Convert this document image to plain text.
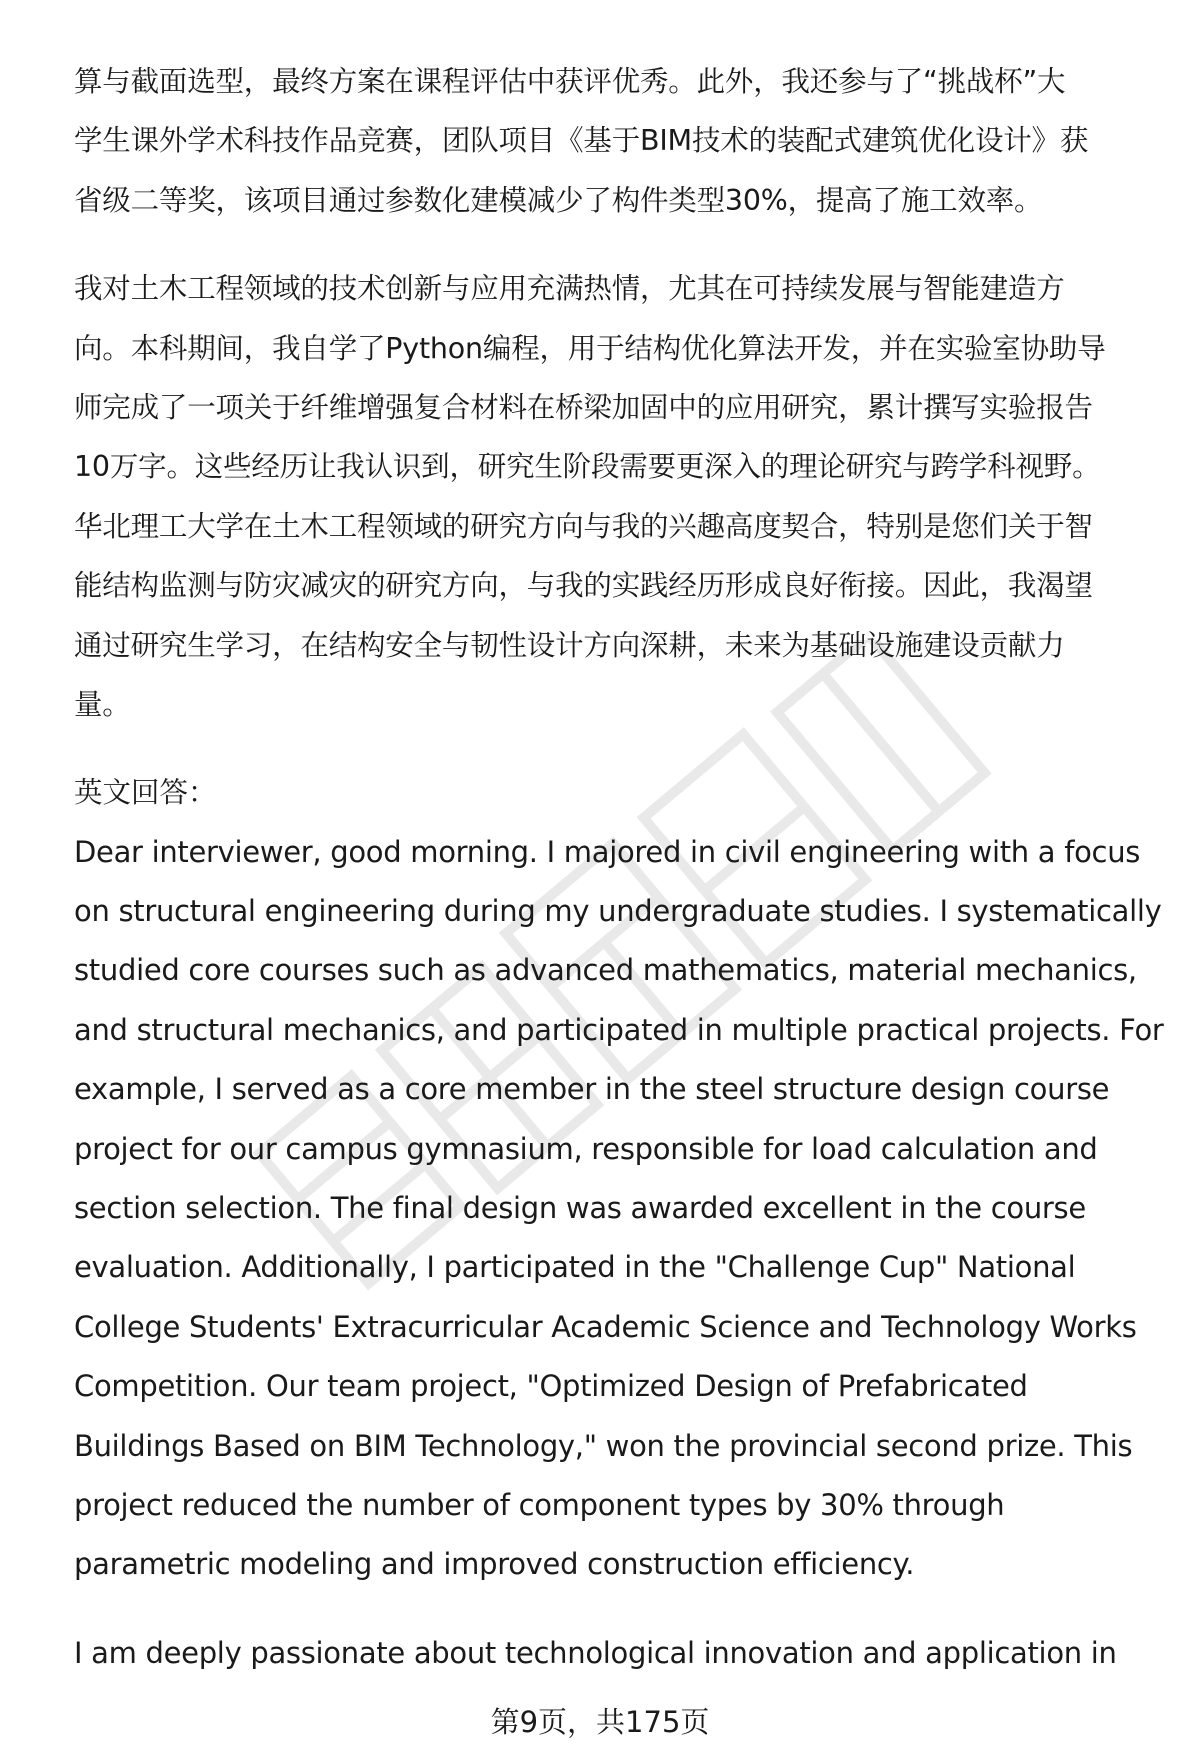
算与截面选型，最终方案在课程评估中获评优秀。此外，我还参与了“挑战杯”大
学生课外学术科技作品竞赛，团队项目《基于BIM技术的装配式建筑优化设计》获
省级二等奖，该项目通过参数化建模减少了构件类型30%，提高了施工效率。
我对土木工程领域的技术创新与应用充满热情，尤其在可持续发展与智能建造方
向。本科期间，我自学了Python编程，用于结构优化算法开发，并在实验室协助导
师完成了一项关于纤维增强复合材料在桥梁加固中的应用研究，累计撰写实验报告
10万字。这些经历让我认识到，研究生阶段需要更深入的理论研究与跨学科视野。
华北理工大学在土木工程领域的研究方向与我的兴趣高度契合，特别是您们关于智
能结构监测与防灾减灾的研究方向，与我的实践经历形成良好衔接。因此，我渴望
通过研究生学习，在结构安全与韧性设计方向深耕，未来为基础设施建设贡献力
量。
英文回答：
Dear interviewer, good morning. I majored in civil engineering with a focus
on structural engineering during my undergraduate studies. I systematically
studied core courses such as advanced mathematics, material mechanics,
and structural mechanics, and participated in multiple practical projects. For
example, I served as a core member in the steel structure design course
project for our campus gymnasium, responsible for load calculation and
section selection. The final design was awarded excellent in the course
evaluation. Additionally, I participated in the "Challenge Cup" National
College Students' Extracurricular Academic Science and Technology Works
Competition. Our team project, "Optimized Design of Prefabricated
Buildings Based on BIM Technology," won the provincial second prize. This
project reduced the number of component types by 30% through
parametric modeling and improved construction efficiency.
I am deeply passionate about technological innovation and application in
第9页，共175页
